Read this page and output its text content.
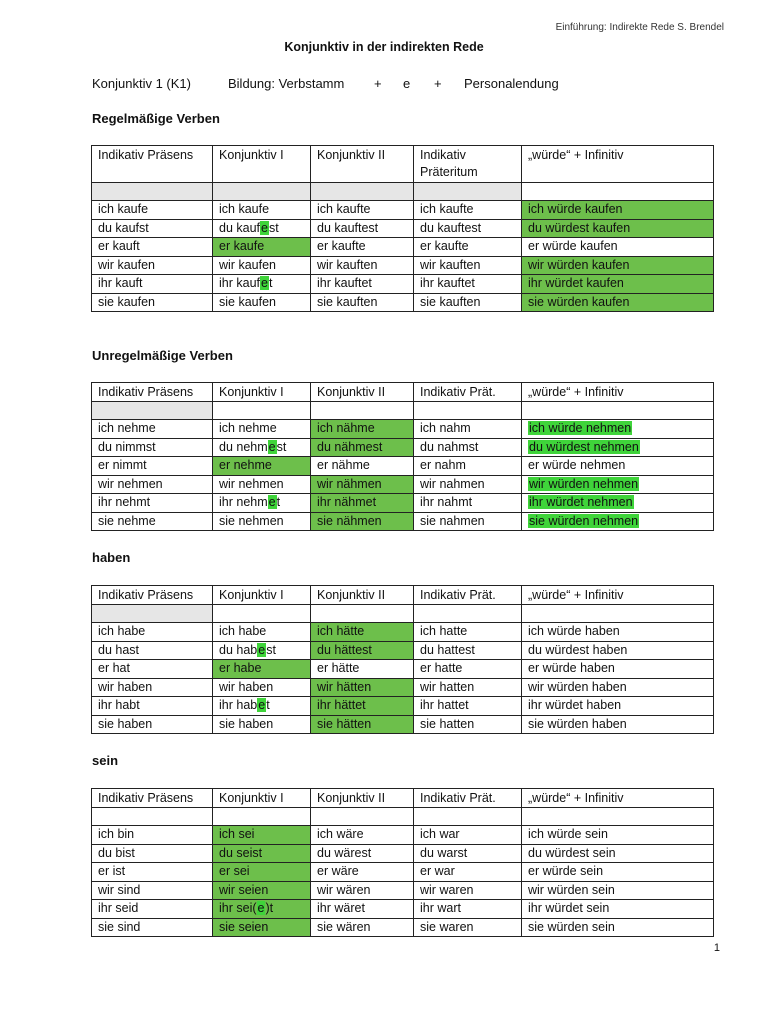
Einführung: Indirekte Rede S. Brendel
Konjunktiv in der indirekten Rede
Konjunktiv 1 (K1)	Bildung: Verbstamm + e + Personalendung
Regelmäßige Verben
Indikativ Präsens	Konjunktiv I	Konjunktiv II	Indikativ Präteritum	„würde“ + Infinitiv

ich kaufe	ich kaufe	ich kaufte	ich kaufte	ich würde kaufen
du kaufst	du kaufest	du kauftest	du kauftest	du würdest kaufen
er kauft	er kaufe	er kaufte	er kaufte	er würde kaufen
wir kaufen	wir kaufen	wir kauften	wir kauften	wir würden kaufen
ihr kauft	ihr kaufet	ihr kauftet	ihr kauftet	ihr würdet kaufen
sie kaufen	sie kaufen	sie kauften	sie kauften	sie würden kaufen
Unregelmäßige Verben
Indikativ Präsens	Konjunktiv I	Konjunktiv II	Indikativ Prät.	„würde“ + Infinitiv

ich nehme	ich nehme	ich nähme	ich nahm	ich würde nehmen
du nimmst	du nehmest	du nähmest	du nahmst	du würdest nehmen
er nimmt	er nehme	er nähme	er nahm	er würde nehmen
wir nehmen	wir nehmen	wir nähmen	wir nahmen	wir würden nehmen
ihr nehmt	ihr nehmet	ihr nähmet	ihr nahmt	ihr würdet nehmen
sie nehme	sie nehmen	sie nähmen	sie nahmen	sie würden nehmen
haben
Indikativ Präsens	Konjunktiv I	Konjunktiv II	Indikativ Prät.	„würde“ + Infinitiv

ich habe	ich habe	ich hätte	ich hatte	ich würde haben
du hast	du habest	du hättest	du hattest	du würdest haben
er hat	er habe	er hätte	er hatte	er würde haben
wir haben	wir haben	wir hätten	wir hatten	wir würden haben
ihr habt	ihr habet	ihr hättet	ihr hattet	ihr würdet haben
sie haben	sie haben	sie hätten	sie hatten	sie würden haben
sein
Indikativ Präsens	Konjunktiv I	Konjunktiv II	Indikativ Prät.	„würde“ + Infinitiv

ich bin	ich sei	ich wäre	ich war	ich würde sein
du bist	du seist	du wärest	du warst	du würdest sein
er ist	er sei	er wäre	er war	er würde sein
wir sind	wir seien	wir wären	wir waren	wir würden sein
ihr seid	ihr sei(e)t	ihr wäret	ihr wart	ihr würdet sein
sie sind	sie seien	sie wären	sie waren	sie würden sein
1
